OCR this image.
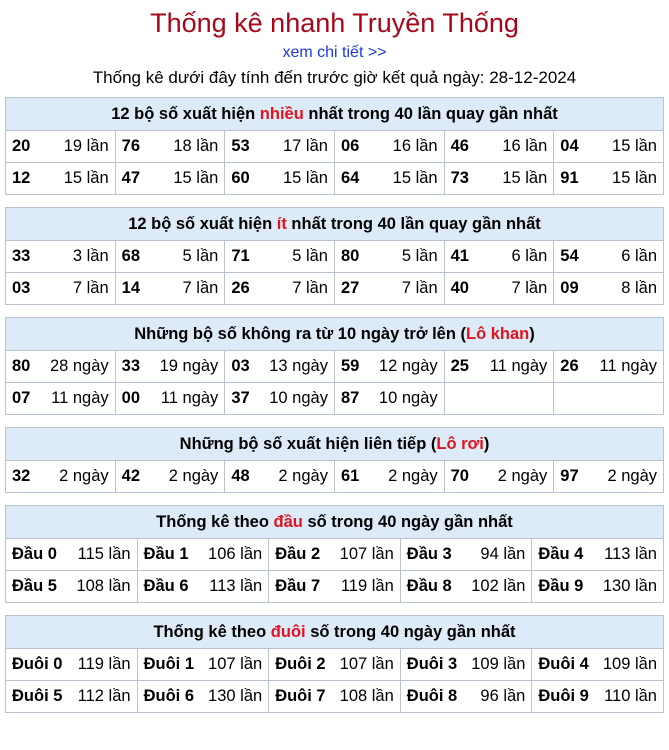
Thống kê nhanh Truyền Thống
xem chi tiết >>
Thống kê dưới đây tính đến trước giờ kết quả ngày: 28-12-2024
12 bộ số xuất hiện nhiều nhất trong 40 lần quay gần nhất					
20 19 lần	76 18 lần	53 17 lần	06 16 lần	46 16 lần	04 15 lần

12 15 lần	47 15 lần	60 15 lần	64 15 lần	73 15 lần	91 15 lần
12 bộ số xuất hiện ít nhất trong 40 lần quay gần nhất					
33 3 lần	68 5 lần	71 5 lần	80 5 lần	41 6 lần	54 6 lần

03 7 lần	14 7 lần	26 7 lần	27 7 lần	40 7 lần	09 8 lần
Những bộ số không ra từ 10 ngày trở lên (Lô khan)					
80 28 ngày	33 19 ngày	03 13 ngày	59 12 ngày	25 11 ngày	26 11 ngày

07 11 ngày	00 11 ngày	37 10 ngày	87 10 ngày		

Những bộ số xuất hiện liên tiếp (Lô rơi)
32 2 ngày	42 2 ngày	48 2 ngày	61 2 ngày	70 2 ngày	97 2 ngày
Thống kê theo đầu số trong 40 ngày gần nhất				
Đầu 0 115 lần	Đầu 1 106 lần	Đầu 2 107 lần	Đầu 3 94 lần	Đầu 4 113 lần

Đầu 5 108 lần	Đầu 6 113 lần	Đầu 7 119 lần	Đầu 8 102 lần	Đầu 9 130 lần
Thống kê theo đuôi số trong 40 ngày gần nhất				
Đuôi 0 119 lần	Đuôi 1 107 lần	Đuôi 2 107 lần	Đuôi 3 109 lần	Đuôi 4 109 lần

Đuôi 5 112 lần	Đuôi 6 130 lần	Đuôi 7 108 lần	Đuôi 8 96 lần	Đuôi 9 110 lần
